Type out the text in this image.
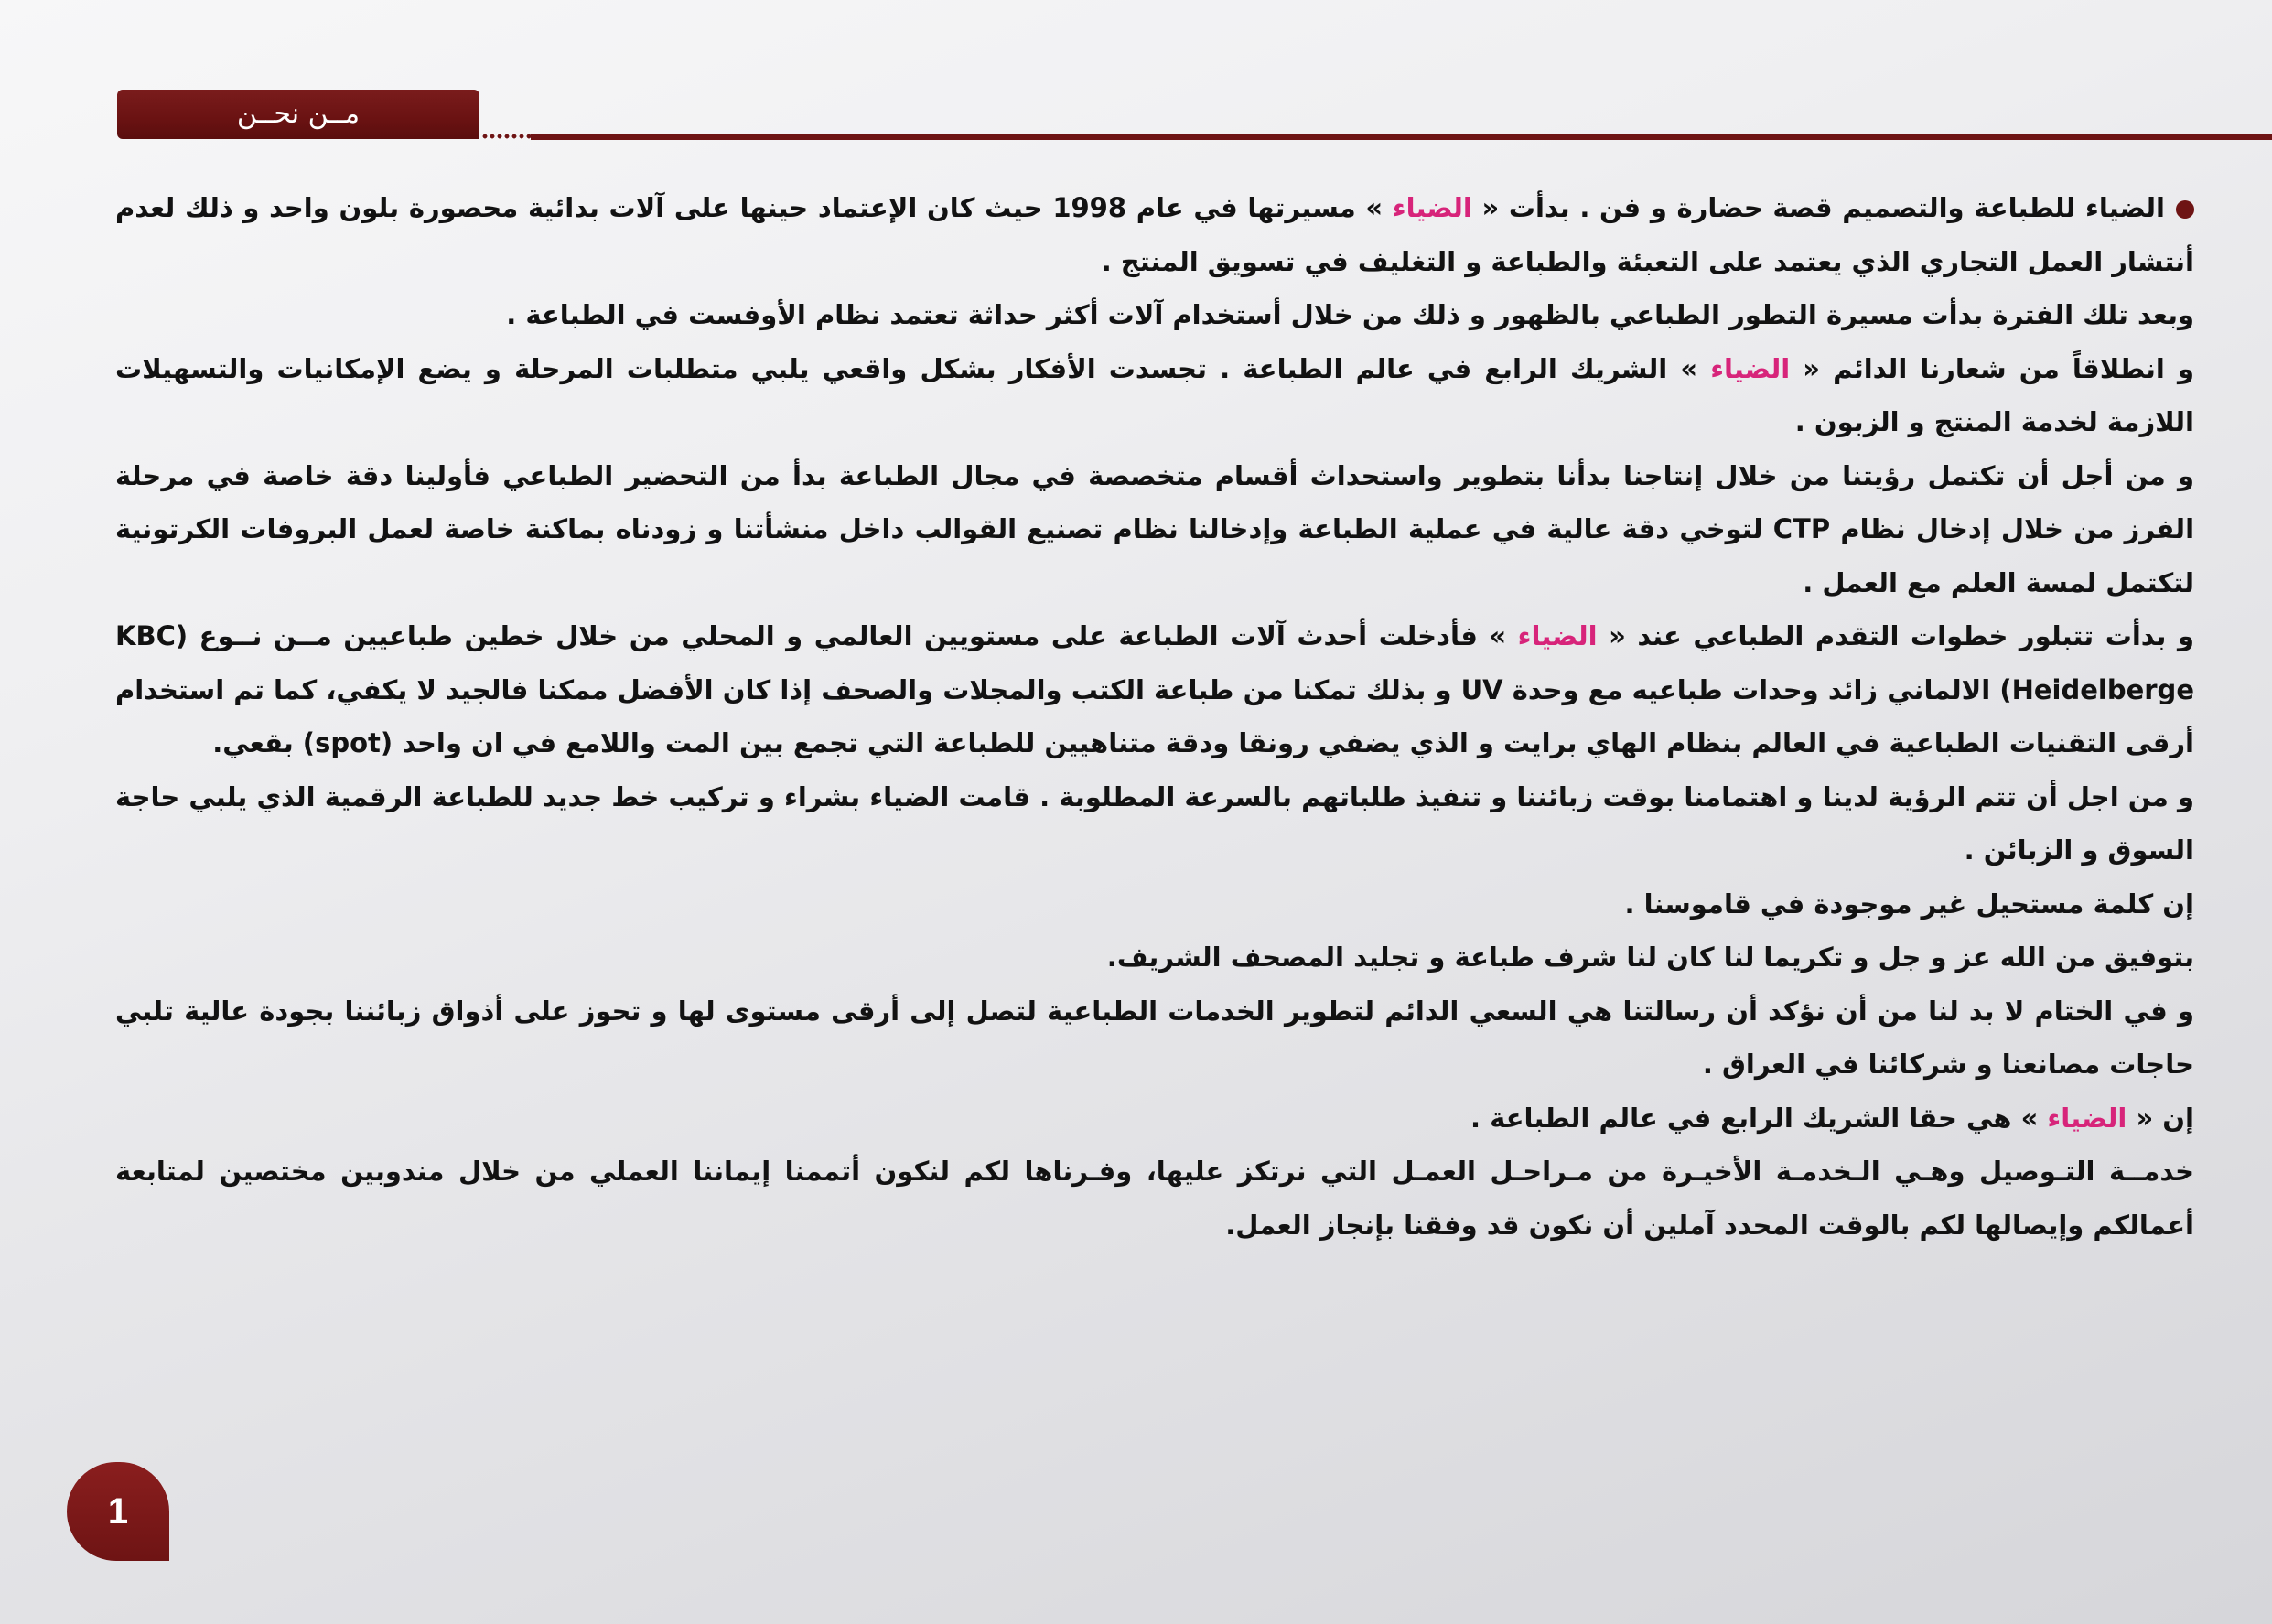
مــن نحــن

الضياء للطباعة والتصميم قصة حضارة و فن . بدأت « الضياء » مسيرتها في عام 1998 حيث كان الإعتماد حينها على آلات بدائية محصورة بلون واحد و ذلك لعدم أنتشار العمل التجاري الذي يعتمد على التعبئة والطباعة و التغليف في تسويق المنتج .

وبعد تلك الفترة بدأت مسيرة التطور الطباعي بالظهور و ذلك من خلال أستخدام آلات أكثر حداثة تعتمد نظام الأوفست في الطباعة .

و انطلاقاً من شعارنا الدائم « الضياء » الشريك الرابع في عالم الطباعة . تجسدت الأفكار بشكل واقعي يلبي متطلبات المرحلة و يضع الإمكانيات والتسهيلات اللازمة لخدمة المنتج و الزبون .

و من أجل أن تكتمل رؤيتنا من خلال إنتاجنا بدأنا بتطوير واستحداث أقسام متخصصة في مجال الطباعة بدأ من التحضير الطباعي فأولينا دقة خاصة في مرحلة الفرز من خلال إدخال نظام CTP لتوخي دقة عالية في عملية الطباعة وإدخالنا نظام تصنيع القوالب داخل منشأتنا و زودناه بماكنة خاصة لعمل البروفات الكرتونية لتكتمل لمسة العلم مع العمل .

و بدأت تتبلور خطوات التقدم الطباعي عند « الضياء » فأدخلت أحدث آلات الطباعة على مستويين العالمي و المحلي من خلال خطين طباعيين مــن نــوع (KBC Heidelberge) الالماني زائد وحدات طباعيه مع وحدة UV و بذلك تمكنا من طباعة الكتب والمجلات والصحف إذا كان الأفضل ممكنا فالجيد لا يكفي، كما تم استخدام أرقى التقنيات الطباعية في العالم بنظام الهاي برايت و الذي يضفي رونقا ودقة متناهيين للطباعة التي تجمع بين المت واللامع في ان واحد (spot) بقعي.

و من اجل أن تتم الرؤية لدينا و اهتمامنا بوقت زبائننا و تنفيذ طلباتهم بالسرعة المطلوبة . قامت الضياء بشراء و تركيب خط جديد للطباعة الرقمية الذي يلبي حاجة السوق و الزبائن .

إن كلمة مستحيل غير موجودة في قاموسنا .

بتوفيق من الله عز و جل و تكريما لنا كان لنا شرف طباعة و تجليد المصحف الشريف.

و في الختام لا بد لنا من أن نؤكد أن رسالتنا هي السعي الدائم لتطوير الخدمات الطباعية لتصل إلى أرقى مستوى لها و تحوز على أذواق زبائننا بجودة عالية تلبي حاجات مصانعنا و شركائنا في العراق .

إن « الضياء » هي حقا الشريك الرابع في عالم الطباعة .

خدمــة التـوصيل وهـي الـخدمـة الأخيـرة من مـراحـل العمـل التي نرتكز عليها، وفـرناها لكم لنكون أتممنا إيماننا العملي من خلال مندوبين مختصين لمتابعة أعمالكم وإيصالها لكم بالوقت المحدد آملين أن نكون قد وفقنا بإنجاز العمل.

1
